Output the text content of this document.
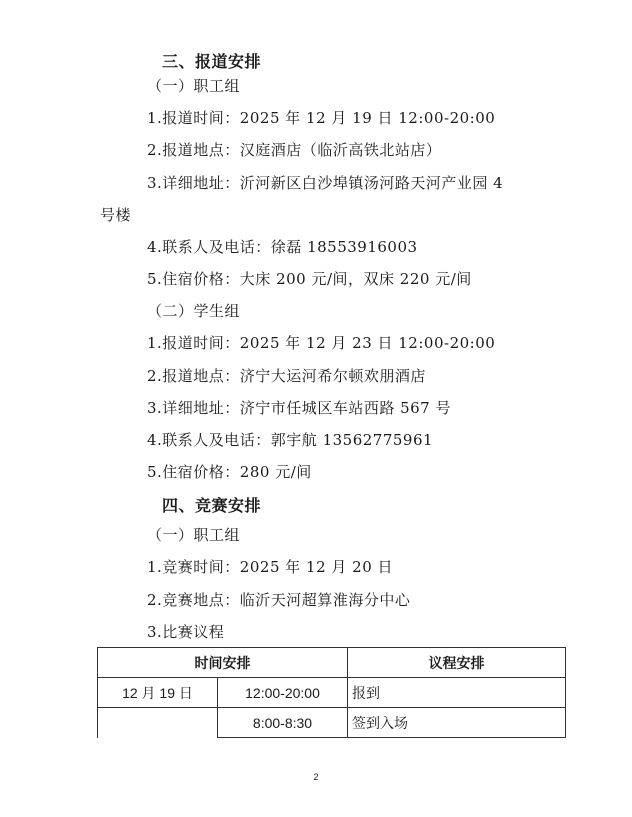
三、报道安排
（一）职工组
1.报道时间：2025 年 12 月 19 日 12:00-20:00
2.报道地点：汉庭酒店（临沂高铁北站店）
3.详细地址：沂河新区白沙埠镇汤河路天河产业园 4
号楼
4.联系人及电话：徐磊 18553916003
5.住宿价格：大床 200 元/间，双床 220 元/间
（二）学生组
1.报道时间：2025 年 12 月 23 日 12:00-20:00
2.报道地点：济宁大运河希尔顿欢朋酒店
3.详细地址：济宁市任城区车站西路 567 号
4.联系人及电话：郭宇航 13562775961
5.住宿价格：280 元/间
四、竞赛安排
（一）职工组
1.竞赛时间：2025 年 12 月 20 日
2.竞赛地点：临沂天河超算淮海分中心
3.比赛议程
时间安排		议程安排
12 月 19 日	12:00-20:00	报到
	8:00-8:30	签到入场
2
